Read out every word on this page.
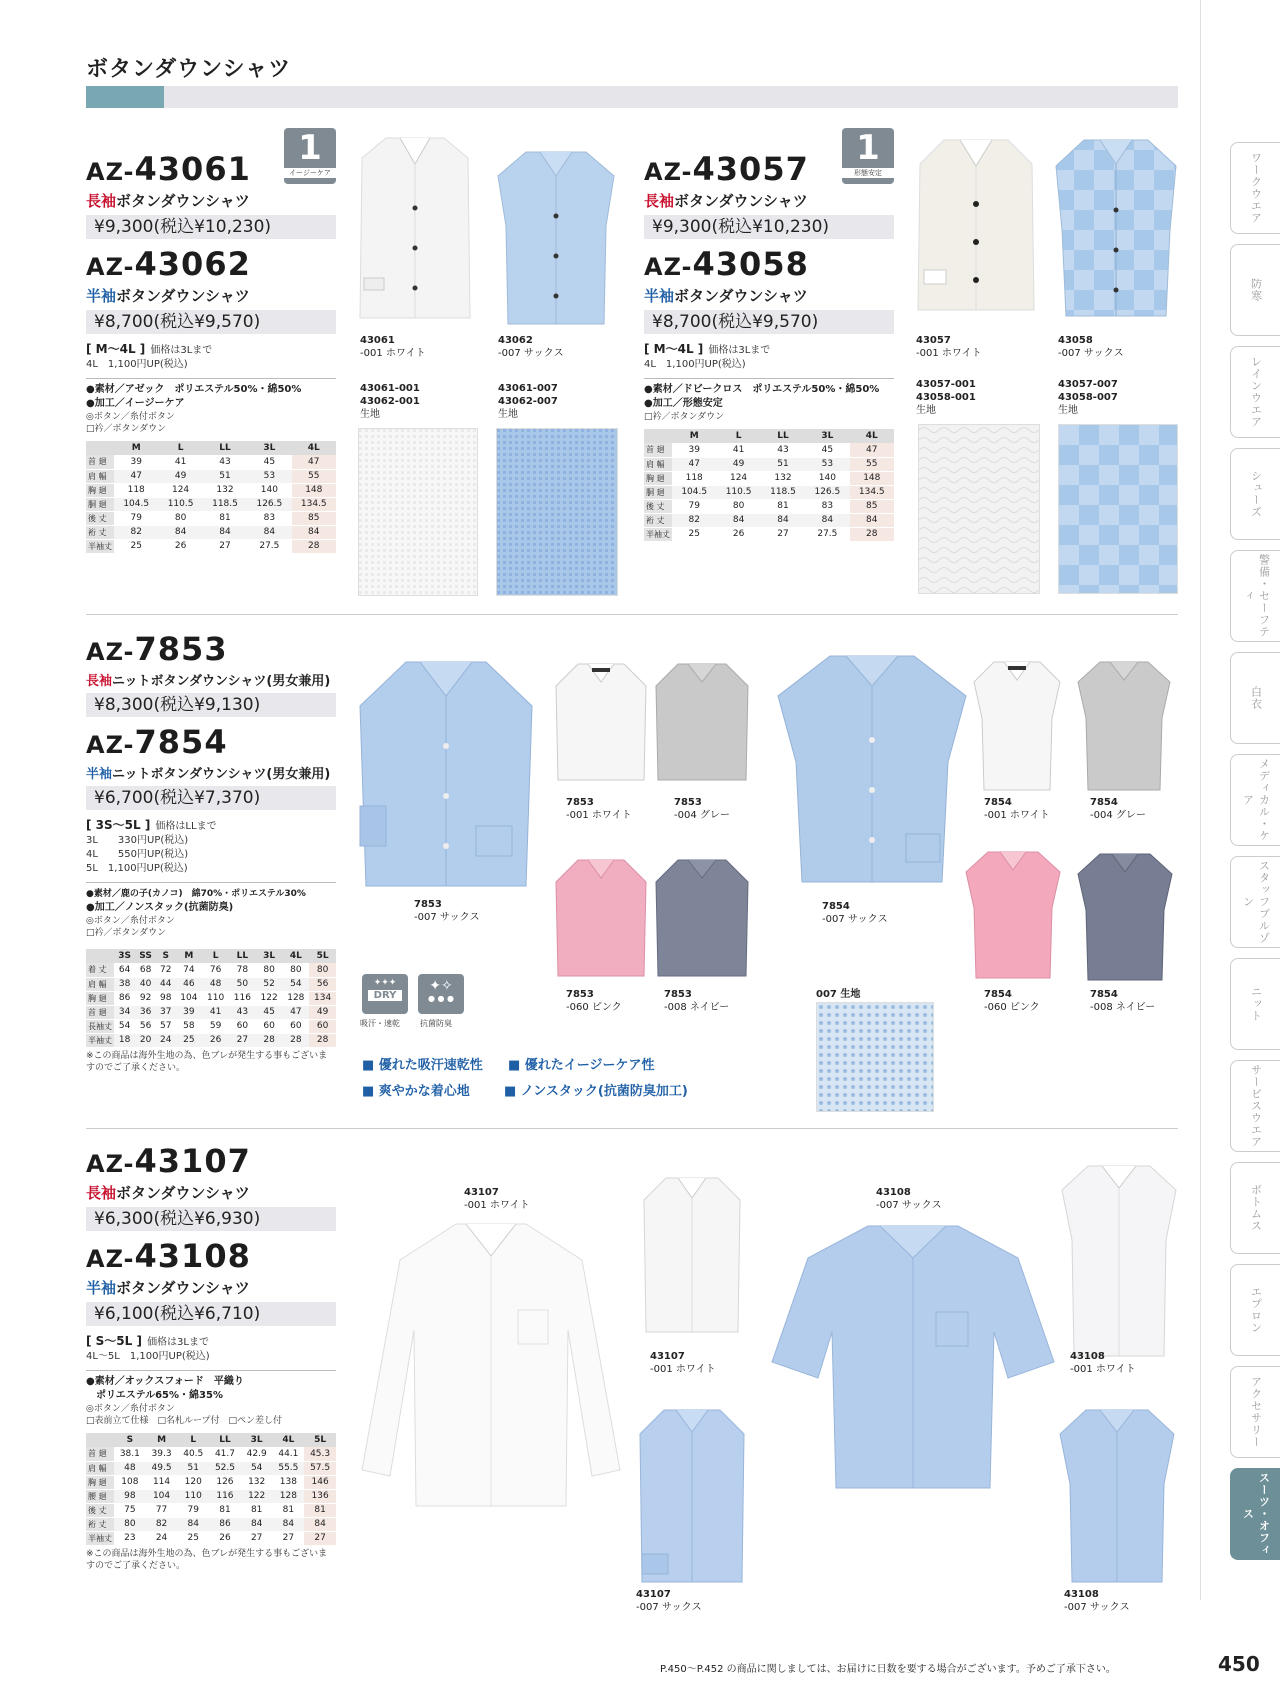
ボタンダウンシャツ
AZ-43061
長袖ボタンダウンシャツ
¥9,300(税込¥10,230)
AZ-43062
半袖ボタンダウンシャツ
¥8,700(税込¥9,570)
[ M～4L ] 価格は3Lまで
4L　1,100円UP(税込)
●素材／アゼック　ポリエステル50%・綿50%
●加工／イージーケア
◎ボタン／糸付ボタン
□衿／ボタンダウン
	M	L	LL	3L	4L
首 廻	39	41	43	45	47
肩 幅	47	49	51	53	55
胸 廻	118	124	132	140	148
胴 廻	104.5	110.5	118.5	126.5	134.5
後 丈	79	80	81	83	85
裄 丈	82	84	84	84	84
半袖丈	25	26	27	27.5	28
1
イージーケア
43061
-001 ホワイト
43062
-007 サックス
43061-001
43062-001
生地
43061-007
43062-007
生地
AZ-43057
長袖ボタンダウンシャツ
¥9,300(税込¥10,230)
AZ-43058
半袖ボタンダウンシャツ
¥8,700(税込¥9,570)
[ M～4L ] 価格は3Lまで
4L　1,100円UP(税込)
●素材／ドビークロス　ポリエステル50%・綿50%
●加工／形態安定
□衿／ボタンダウン
	M	L	LL	3L	4L
首 廻	39	41	43	45	47
肩 幅	47	49	51	53	55
胸 廻	118	124	132	140	148
胴 廻	104.5	110.5	118.5	126.5	134.5
後 丈	79	80	81	83	85
裄 丈	82	84	84	84	84
半袖丈	25	26	27	27.5	28
1
形態安定
43057
-001 ホワイト
43058
-007 サックス
43057-001
43058-001
生地
43057-007
43058-007
生地
AZ-7853
長袖ニットボタンダウンシャツ(男女兼用)
¥8,300(税込¥9,130)
AZ-7854
半袖ニットボタンダウンシャツ(男女兼用)
¥6,700(税込¥7,370)
[ 3S～5L ] 価格はLLまで
3L　　330円UP(税込)
4L　　550円UP(税込)
5L　1,100円UP(税込)
●素材／鹿の子(カノコ)　綿70%・ポリエステル30%
●加工／ノンスタック(抗菌防臭)
◎ボタン／糸付ボタン
□衿／ボタンダウン
	3S	SS	S	M	L	LL	3L	4L	5L
着 丈	64	68	72	74	76	78	80	80	80
肩 幅	38	40	44	46	48	50	52	54	56
胸 廻	86	92	98	104	110	116	122	128	134
首 廻	34	36	37	39	41	43	45	47	49
長袖丈	54	56	57	58	59	60	60	60	60
半袖丈	18	20	24	25	26	27	28	28	28
※この商品は海外生地の為、色ブレが発生する事もございますのでご了承ください。
7853
-007 サックス
7853
-001 ホワイト
7853
-004 グレー
7853
-060 ピンク
7853
-008 ネイビー
7854
-007 サックス
7854
-001 ホワイト
7854
-004 グレー
7854
-060 ピンク
7854
-008 ネイビー
✦✦✦
DRY
✦✧
● ● ●
吸汗・速乾	抗菌防臭
■ 優れた吸汗速乾性 ■ 優れたイージーケア性
■ 爽やかな着心地	■ ノンスタック(抗菌防臭加工)
007 生地
AZ-43107
長袖ボタンダウンシャツ
¥6,300(税込¥6,930)
AZ-43108
半袖ボタンダウンシャツ
¥6,100(税込¥6,710)
[ S～5L ] 価格は3Lまで
4L～5L　1,100円UP(税込)
●素材／オックスフォード　平織り
　ポリエステル65%・綿35%
◎ボタン／糸付ボタン
□表前立て仕様　□名札ループ付　□ペン差し付
	S	M	L	LL	3L	4L	5L
首 廻	38.1	39.3	40.5	41.7	42.9	44.1	45.3
肩 幅	48	49.5	51	52.5	54	55.5	57.5
胸 廻	108	114	120	126	132	138	146
腰 廻	98	104	110	116	122	128	136
後 丈	75	77	79	81	81	81	81
裄 丈	80	82	84	86	84	84	84
半袖丈	23	24	25	26	27	27	27
※この商品は海外生地の為、色ブレが発生する事もございますのでご了承ください。
43107
-001 ホワイト
43107
-001 ホワイト
43107
-007 サックス
43108
-007 サックス
43108
-001 ホワイト
43108
-007 サックス
ワークウエア
防寒
レインウエア
シューズ
警備・セーフティ
白衣
メディカル・ケア
スタッフブルゾン
ニット
サービスウエア
ボトムス
エプロン
アクセサリー
スーツ・オフィス
P.450～P.452 の商品に関しましては、お届けに日数を要する場合がございます。予めご了承下さい。	450
